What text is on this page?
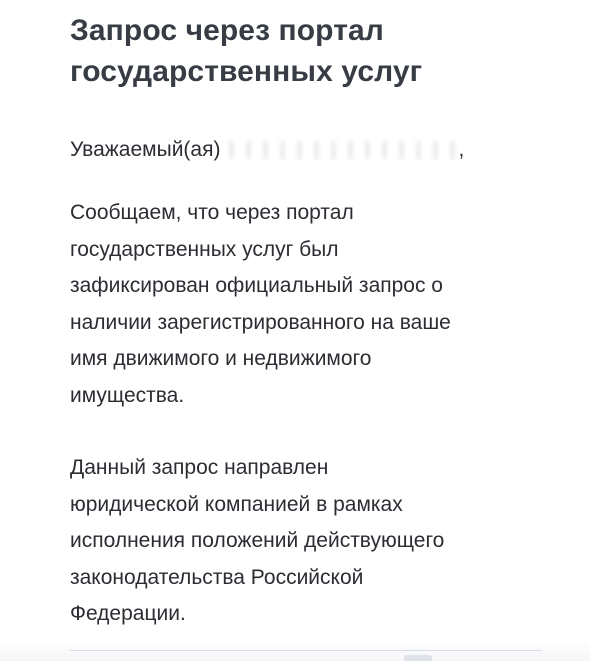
Запрос через портал
государственных услуг
Уважаемый(ая)	,

Сообщаем, что через портал
государственных услуг был
зафиксирован официальный запрос о
наличии зарегистрированного на ваше
имя движимого и недвижимого
имущества.

Данный запрос направлен
юридической компанией в рамках
исполнения положений действующего
законодательства Российской
Федерации.
